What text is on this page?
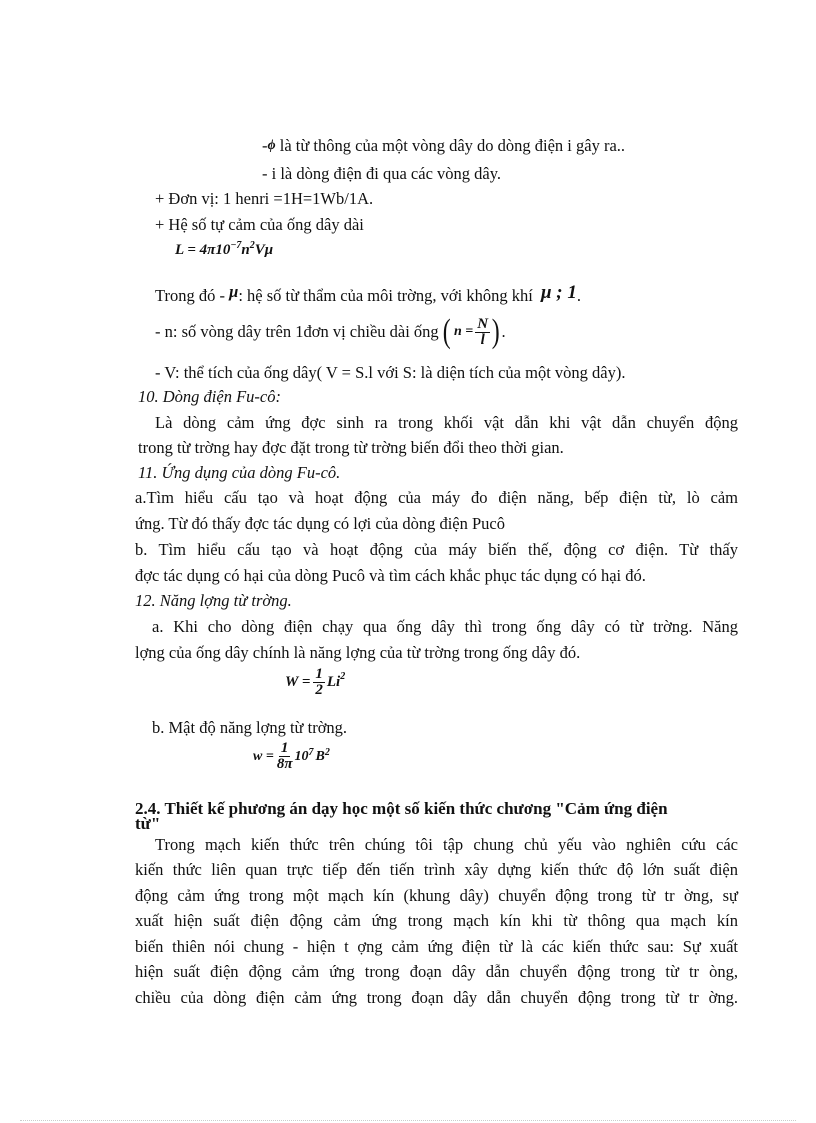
-ϕ là từ thông của một vòng dây do dòng điện i gây ra..
- i là dòng điện đi qua các vòng dây.
+ Đơn vị: 1 henri =1H=1Wb/1A.
+ Hệ số tự cảm của ống dây dài
$L = 4\pi 10^{-7}n^2V\mu$
Trong đó - μ: hệ số từ thẩm của môi trờng, với không khí μ ; 1.
- n: số vòng dây trên 1đơn vị chiều dài ống ( $n = \frac{N}{l}$ ) .
- V: thể tích của ống dây( V = S.l với S: là diện tích của một vòng dây).
10. Dòng điện Fu-cô:
Là dòng cảm ứng đợc sinh ra trong khối vật dẫn khi vật dẫn chuyển động
trong từ trờng hay đợc đặt trong từ trờng biến đổi theo thời gian.
11. Ứng dụng của dòng Fu-cô.
a.Tìm hiểu cấu tạo và hoạt động của máy đo điện năng, bếp điện từ, lò cảm
ứng. Từ đó thấy đợc tác dụng có lợi của dòng điện Pucô
b. Tìm hiểu cấu tạo và hoạt động của máy biến thế, động cơ điện. Từ thấy
đợc tác dụng có hại của dòng Pucô và tìm cách khắc phục tác dụng có hại đó.
12. Năng lợng từ trờng.
a. Khi cho dòng điện chạy qua ống dây thì trong ống dây có từ trờng. Năng
lợng của ống dây chính là năng lợng của từ trờng trong ống dây đó.
$W = \frac{1}{2} Li^2$
b. Mật độ năng lợng từ trờng.
$w = \frac{1}{8\pi} 10^7$ $B^2$
2.4. Thiết kế phương án dạy học một số kiến thức chương "Cảm ứng điện
từ"
Trong mạch kiến thức trên chúng tôi tập chung chủ yếu vào nghiên cứu các
kiến thức liên quan trực tiếp đến tiến trình xây dựng kiến thức độ lớn suất điện
động cảm ứng trong một mạch kín (khung dây) chuyển động trong từ tr ờng, sự
xuất hiện suất điện động cảm ứng trong mạch kín khi từ thông qua mạch kín
biến thiên nói chung - hiện t ợng cảm ứng điện từ là các kiến thức sau: Sự xuất
hiện suất điện động cảm ứng trong đoạn dây dẫn chuyển động trong từ tr òng,
chiều của dòng điện cảm ứng trong đoạn dây dẫn chuyển động trong từ tr ờng.
